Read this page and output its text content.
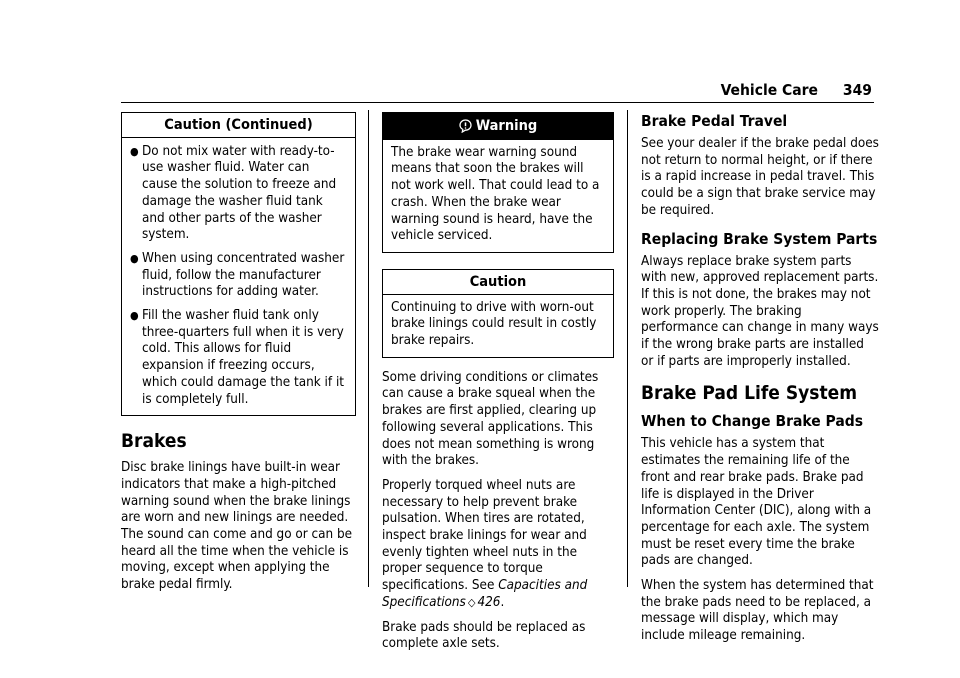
Vehicle Care 349
Caution (Continued)
● Do not mix water with ready-to-use washer fluid. Water can cause the solution to freeze and damage the washer fluid tank and other parts of the washer system.
● When using concentrated washer fluid, follow the manufacturer instructions for adding water.
● Fill the washer fluid tank only three-quarters full when it is very cold. This allows for fluid expansion if freezing occurs, which could damage the tank if it is completely full.
Brakes

Disc brake linings have built-in wear indicators that make a high-pitched warning sound when the brake linings are worn and new linings are needed. The sound can come and go or can be heard all the time when the vehicle is moving, except when applying the brake pedal firmly.

Warning

The brake wear warning sound means that soon the brakes will not work well. That could lead to a crash. When the brake wear warning sound is heard, have the vehicle serviced.

Caution

Continuing to drive with worn-out brake linings could result in costly brake repairs.

Some driving conditions or climates can cause a brake squeal when the brakes are first applied, clearing up following several applications. This does not mean something is wrong with the brakes.

Properly torqued wheel nuts are necessary to help prevent brake pulsation. When tires are rotated, inspect brake linings for wear and evenly tighten wheel nuts in the proper sequence to torque specifications. See Capacities and Specifications ◇ 426.

Brake pads should be replaced as complete axle sets.

Brake Pedal Travel

See your dealer if the brake pedal does not return to normal height, or if there is a rapid increase in pedal travel. This could be a sign that brake service may be required.

Replacing Brake System Parts

Always replace brake system parts with new, approved replacement parts. If this is not done, the brakes may not work properly. The braking performance can change in many ways if the wrong brake parts are installed or if parts are improperly installed.

Brake Pad Life System
When to Change Brake Pads

This vehicle has a system that estimates the remaining life of the front and rear brake pads. Brake pad life is displayed in the Driver Information Center (DIC), along with a percentage for each axle. The system must be reset every time the brake pads are changed.

When the system has determined that the brake pads need to be replaced, a message will display, which may include mileage remaining.
